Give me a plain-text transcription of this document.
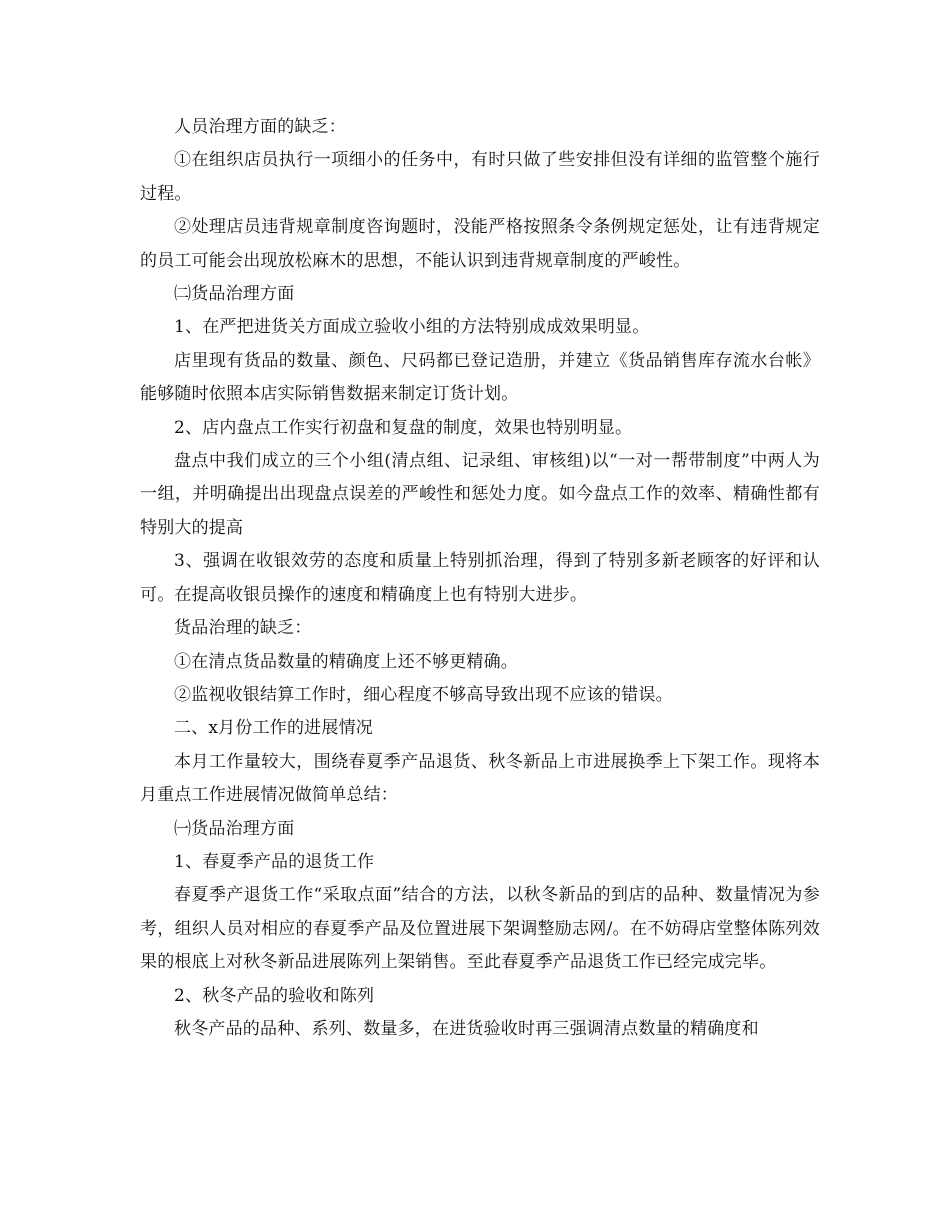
人员治理方面的缺乏：

①在组织店员执行一项细小的任务中，有时只做了些安排但没有详细的监管整个施行过程。

②处理店员违背规章制度咨询题时，没能严格按照条令条例规定惩处，让有违背规定的员工可能会出现放松麻木的思想，不能认识到违背规章制度的严峻性。

㈡货品治理方面

1、在严把进货关方面成立验收小组的方法特别成成效果明显。

店里现有货品的数量、颜色、尺码都已登记造册，并建立《货品销售库存流水台帐》能够随时依照本店实际销售数据来制定订货计划。

2、店内盘点工作实行初盘和复盘的制度，效果也特别明显。

盘点中我们成立的三个小组(清点组、记录组、审核组)以“一对一帮带制度”中两人为一组，并明确提出出现盘点误差的严峻性和惩处力度。如今盘点工作的效率、精确性都有特别大的提高

3、强调在收银效劳的态度和质量上特别抓治理，得到了特别多新老顾客的好评和认可。在提高收银员操作的速度和精确度上也有特别大进步。

货品治理的缺乏：

①在清点货品数量的精确度上还不够更精确。

②监视收银结算工作时，细心程度不够高导致出现不应该的错误。

二、x月份工作的进展情况

本月工作量较大，围绕春夏季产品退货、秋冬新品上市进展换季上下架工作。现将本月重点工作进展情况做简单总结：

㈠货品治理方面

1、春夏季产品的退货工作

春夏季产退货工作“采取点面”结合的方法，以秋冬新品的到店的品种、数量情况为参考，组织人员对相应的春夏季产品及位置进展下架调整励志网/。在不妨碍店堂整体陈列效果的根底上对秋冬新品进展陈列上架销售。至此春夏季产品退货工作已经完成完毕。

2、秋冬产品的验收和陈列

秋冬产品的品种、系列、数量多，在进货验收时再三强调清点数量的精确度和
